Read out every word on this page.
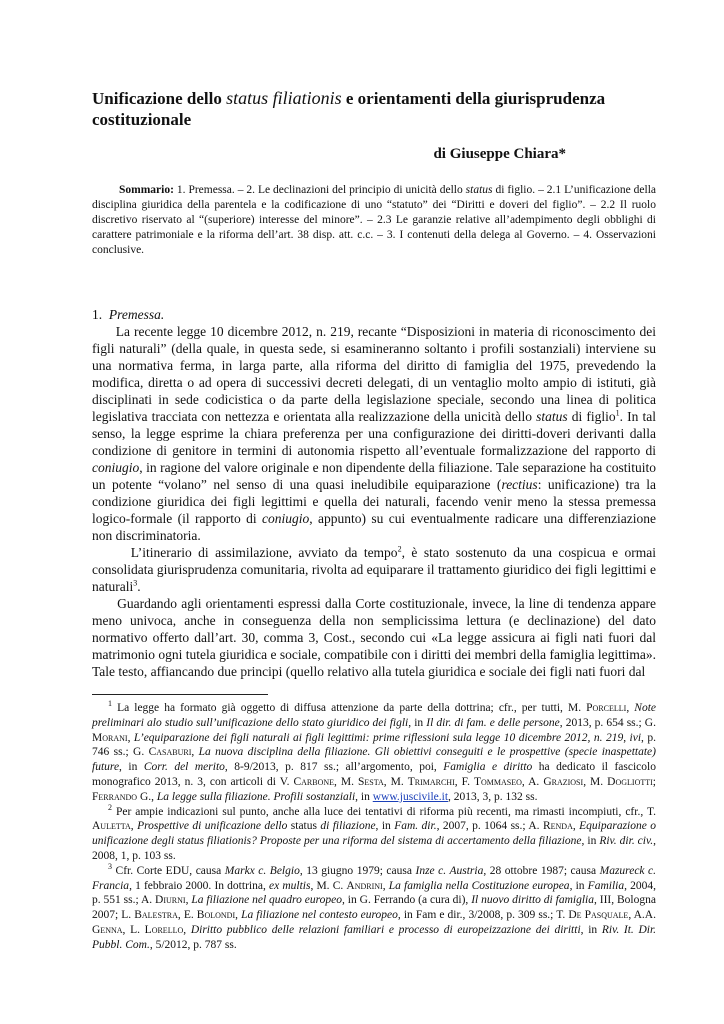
Unificazione dello status filiationis e orientamenti della giurisprudenza costituzionale
di Giuseppe Chiara*
Sommario: 1. Premessa. – 2. Le declinazioni del principio di unicità dello status di figlio. – 2.1 L’unificazione della disciplina giuridica della parentela e la codificazione di uno “statuto” dei “Diritti e doveri del figlio”. – 2.2 Il ruolo discretivo riservato al “(superiore) interesse del minore”. – 2.3 Le garanzie relative all’adempimento degli obblighi di carattere patrimoniale e la riforma dell’art. 38 disp. att. c.c. – 3. I contenuti della delega al Governo. – 4. Osservazioni conclusive.
1. Premessa.

La recente legge 10 dicembre 2012, n. 219, recante “Disposizioni in materia di riconoscimento dei figli naturali” (della quale, in questa sede, si esamineranno soltanto i profili sostanziali) interviene su una normativa ferma, in larga parte, alla riforma del diritto di famiglia del 1975, prevedendo la modifica, diretta o ad opera di successivi decreti delegati, di un ventaglio molto ampio di istituti, già disciplinati in sede codicistica o da parte della legislazione speciale, secondo una linea di politica legislativa tracciata con nettezza e orientata alla realizzazione della unicità dello status di figlio$^1$. In tal senso, la legge esprime la chiara preferenza per una configurazione dei diritti-doveri derivanti dalla condizione di genitore in termini di autonomia rispetto all’eventuale formalizzazione del rapporto di coniugio, in ragione del valore originale e non dipendente della filiazione. Tale separazione ha costituito un potente “volano” nel senso di una quasi ineludibile equiparazione (rectius: unificazione) tra la condizione giuridica dei figli legittimi e quella dei naturali, facendo venir meno la stessa premessa logico-formale (il rapporto di coniugio, appunto) su cui eventualmente radicare una differenziazione non discriminatoria.

L’itinerario di assimilazione, avviato da tempo$^2$, è stato sostenuto da una cospicua e ormai consolidata giurisprudenza comunitaria, rivolta ad equiparare il trattamento giuridico dei figli legittimi e naturali$^3$.

Guardando agli orientamenti espressi dalla Corte costituzionale, invece, la line di tendenza appare meno univoca, anche in conseguenza della non semplicissima lettura (e declinazione) del dato normativo offerto dall’art. 30, comma 3, Cost., secondo cui «La legge assicura ai figli nati fuori dal matrimonio ogni tutela giuridica e sociale, compatibile con i diritti dei membri della famiglia legittima». Tale testo, affiancando due principi (quello relativo alla tutela giuridica e sociale dei figli nati fuori dal

$^1$ La legge ha formato già oggetto di diffusa attenzione da parte della dottrina; cfr., per tutti, M. Porcelli, Note preliminari alo studio sull’unificazione dello stato giuridico dei figli, in Il dir. di fam. e delle persone, 2013, p. 654 ss.; G. Morani, L’equiparazione dei figli naturali ai figli legittimi: prime riflessioni sula legge 10 dicembre 2012, n. 219, ivi, p. 746 ss.; G. Casaburi, La nuova disciplina della filiazione. Gli obiettivi conseguiti e le prospettive (specie inaspettate) future, in Corr. del merito, 8-9/2013, p. 817 ss.; all’argomento, poi, Famiglia e diritto ha dedicato il fascicolo monografico 2013, n. 3, con articoli di V. Carbone, M. Sesta, M. Trimarchi, F. Tommaseo, A. Graziosi, M. Dogliotti; Ferrando G., La legge sulla filiazione. Profili sostanziali, in www.juscivile.it, 2013, 3, p. 132 ss.

$^2$ Per ampie indicazioni sul punto, anche alla luce dei tentativi di riforma più recenti, ma rimasti incompiuti, cfr., T. Auletta, Prospettive di unificazione dello status di filiazione, in Fam. dir., 2007, p. 1064 ss.; A. Renda, Equiparazione o unificazione degli status filiationis? Proposte per una riforma del sistema di accertamento della filiazione, in Riv. dir. civ., 2008, 1, p. 103 ss.

$^3$ Cfr. Corte EDU, causa Markx c. Belgio, 13 giugno 1979; causa Inze c. Austria, 28 ottobre 1987; causa Mazureck c. Francia, 1 febbraio 2000. In dottrina, ex multis, M. C. Andrini, La famiglia nella Costituzione europea, in Familia, 2004, p. 551 ss.; A. Diurni, La filiazione nel quadro europeo, in G. Ferrando (a cura di), Il nuovo diritto di famiglia, III, Bologna 2007; L. Balestra, E. Bolondi, La filiazione nel contesto europeo, in Fam e dir., 3/2008, p. 309 ss.; T. De Pasquale, A.A. Genna, L. Lorello, Diritto pubblico delle relazioni familiari e processo di europeizzazione dei diritti, in Riv. It. Dir. Pubbl. Com., 5/2012, p. 787 ss.
